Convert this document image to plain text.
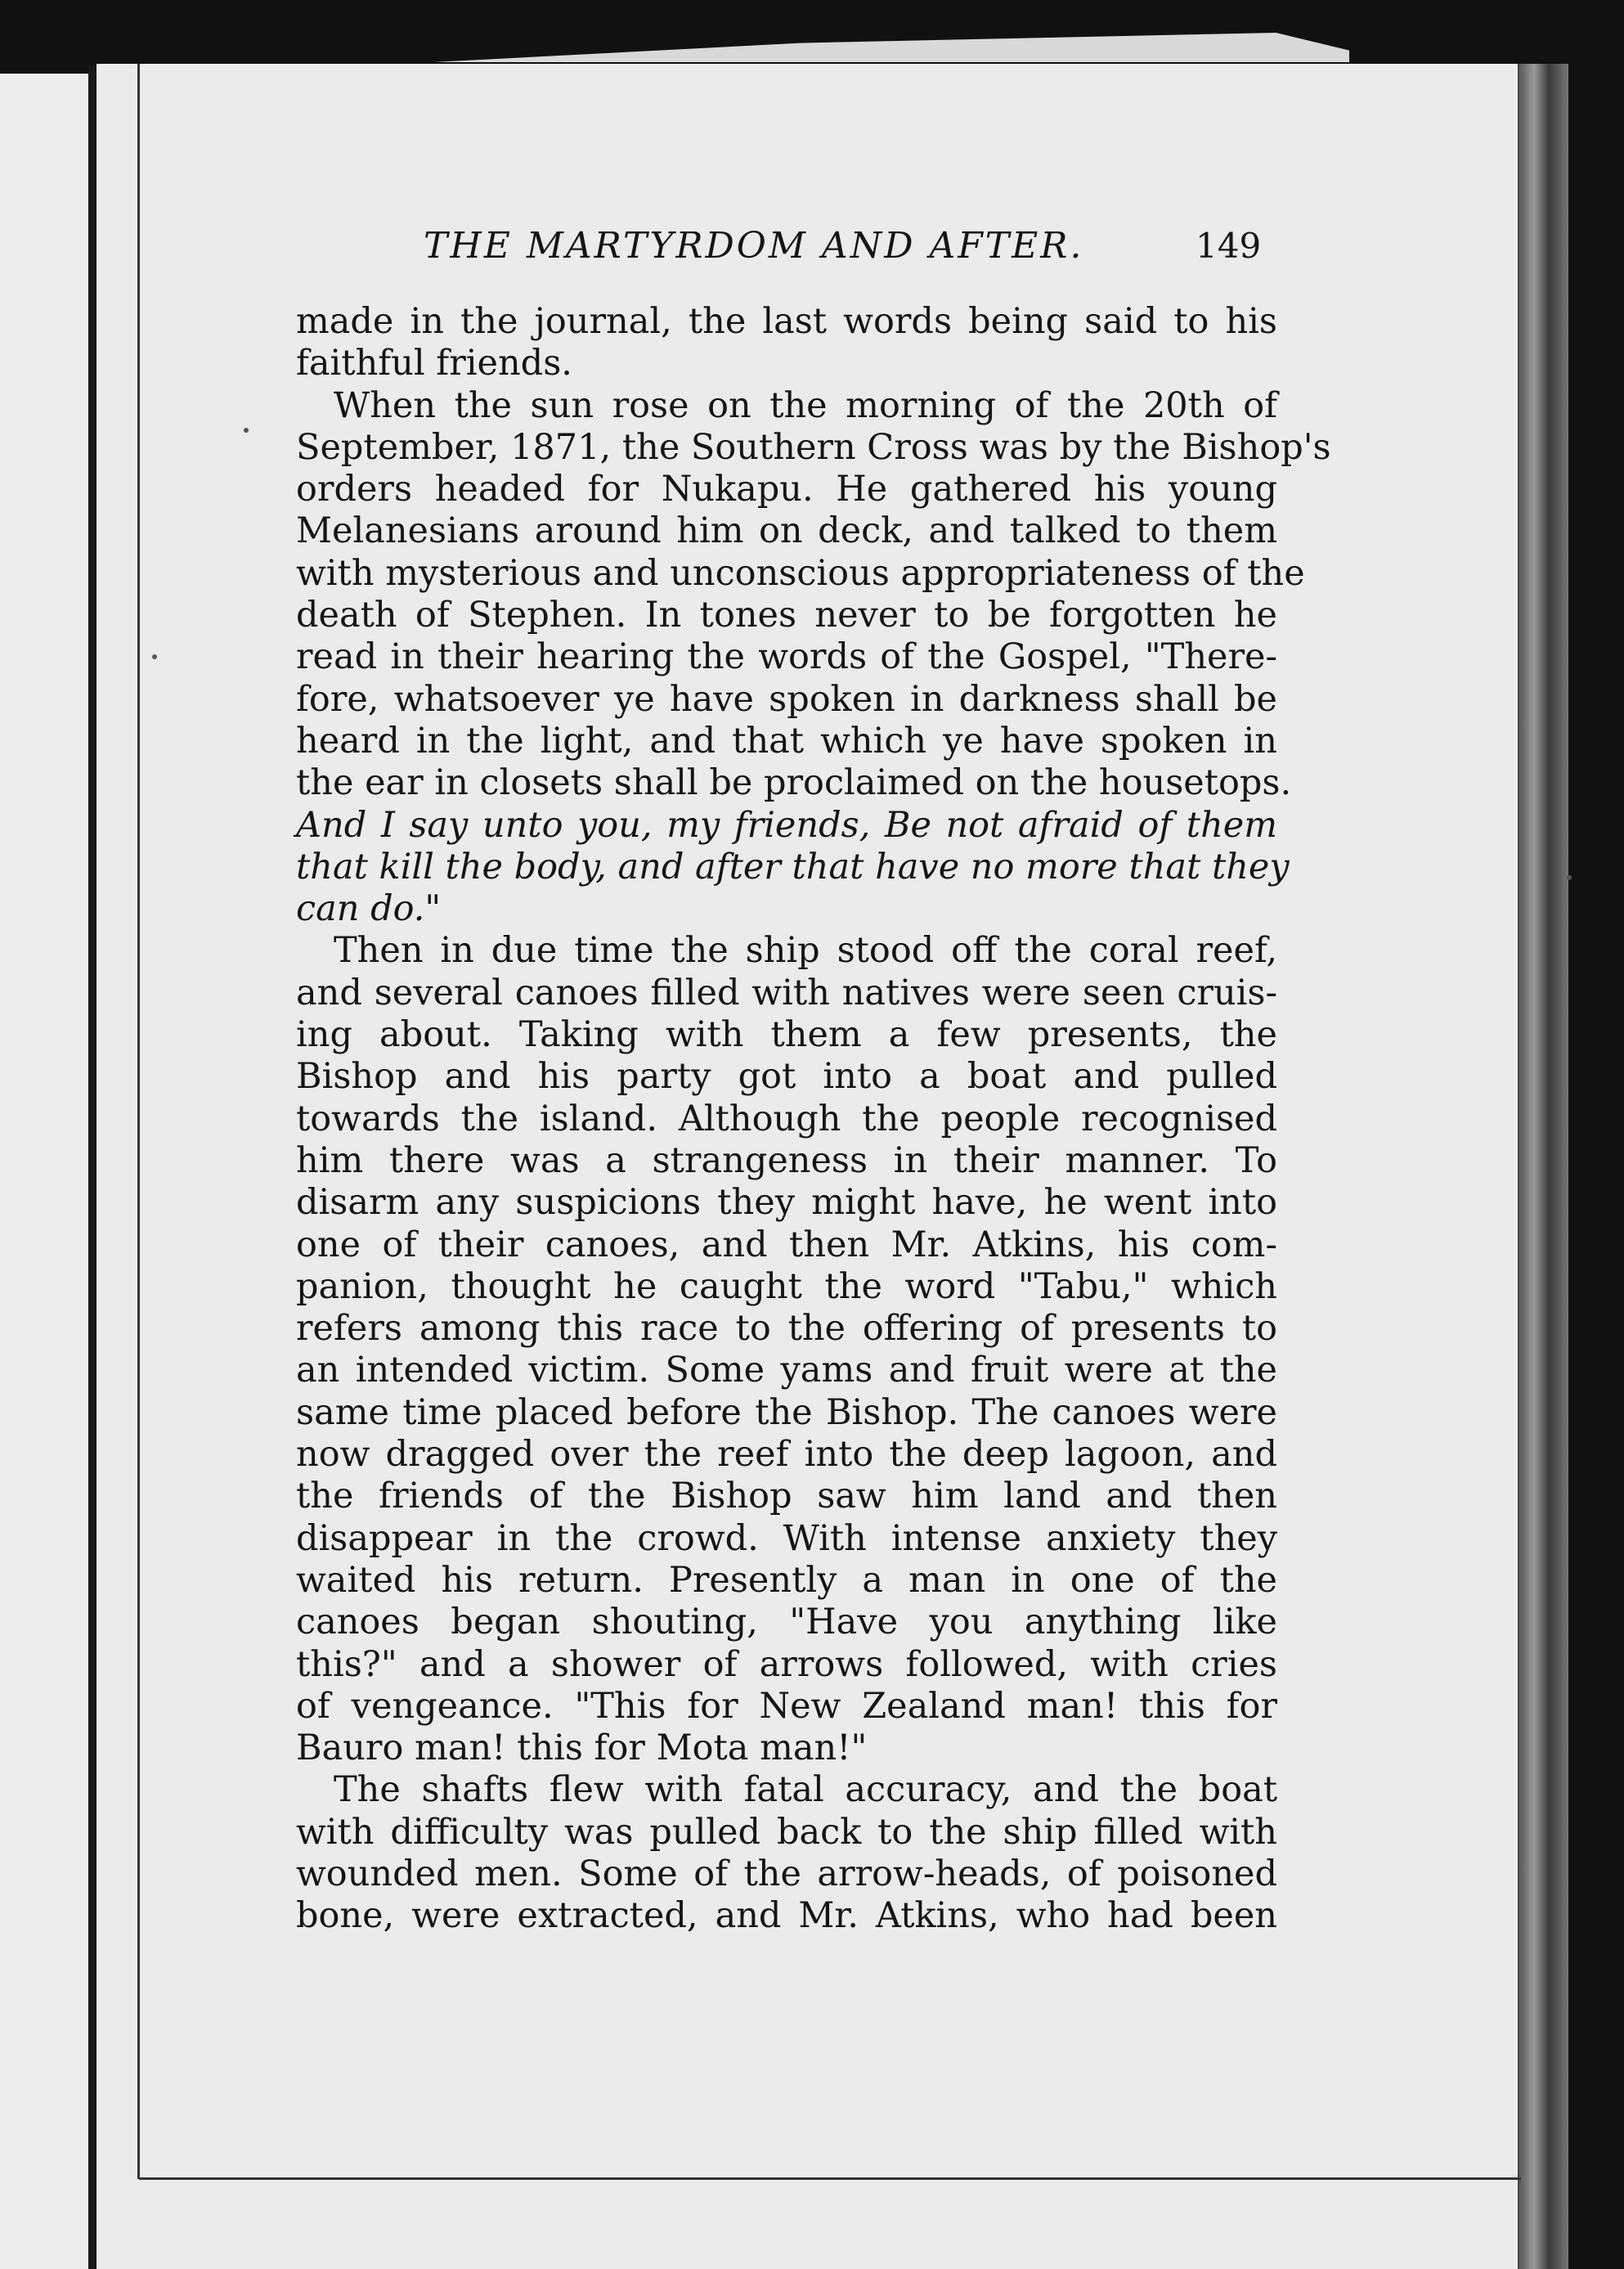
THE MARTYRDOM AND AFTER.	149
made in the journal, the last words being said to his
faithful friends.
When the sun rose on the morning of the 20th of
September, 1871, the Southern Cross was by the Bishop's
orders headed for Nukapu. He gathered his young
Melanesians around him on deck, and talked to them
with mysterious and unconscious appropriateness of the
death of Stephen. In tones never to be forgotten he
read in their hearing the words of the Gospel, "There-
fore, whatsoever ye have spoken in darkness shall be
heard in the light, and that which ye have spoken in
the ear in closets shall be proclaimed on the housetops.
And I say unto you, my friends, Be not afraid of them
that kill the body, and after that have no more that they
can do."
Then in due time the ship stood off the coral reef,
and several canoes filled with natives were seen cruis-
ing about. Taking with them a few presents, the
Bishop and his party got into a boat and pulled
towards the island. Although the people recognised
him there was a strangeness in their manner. To
disarm any suspicions they might have, he went into
one of their canoes, and then Mr. Atkins, his com-
panion, thought he caught the word "Tabu," which
refers among this race to the offering of presents to
an intended victim. Some yams and fruit were at the
same time placed before the Bishop. The canoes were
now dragged over the reef into the deep lagoon, and
the friends of the Bishop saw him land and then
disappear in the crowd. With intense anxiety they
waited his return. Presently a man in one of the
canoes began shouting, "Have you anything like
this?" and a shower of arrows followed, with cries
of vengeance. "This for New Zealand man! this for
Bauro man! this for Mota man!"
The shafts flew with fatal accuracy, and the boat
with difficulty was pulled back to the ship filled with
wounded men. Some of the arrow-heads, of poisoned
bone, were extracted, and Mr. Atkins, who had been
